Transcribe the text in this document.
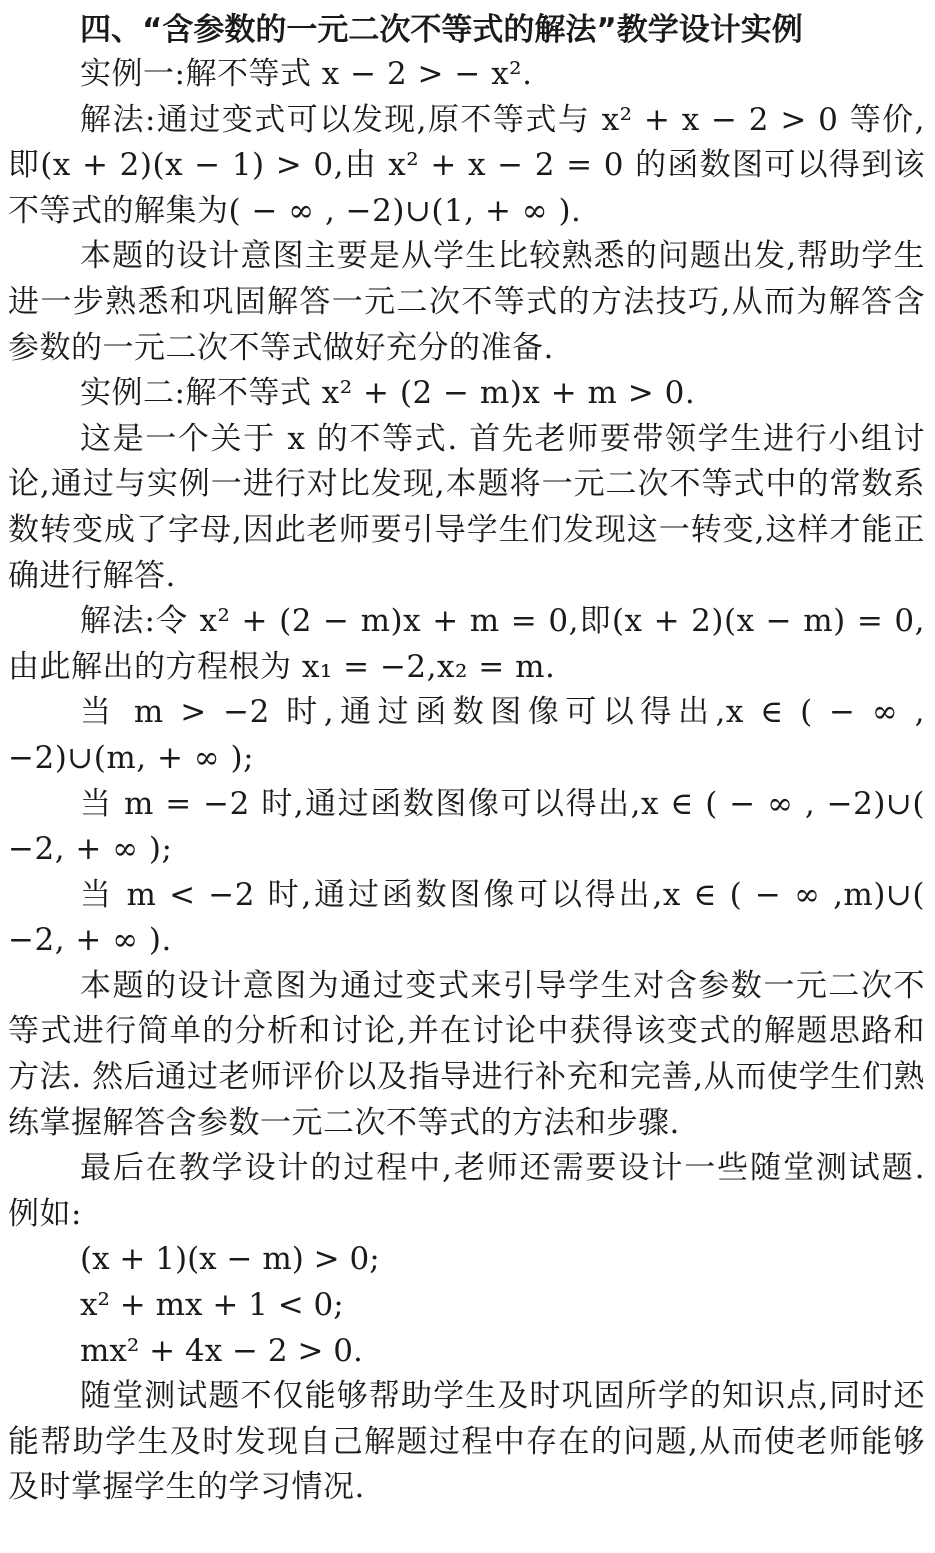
四、“含参数的一元二次不等式的解法”教学设计实例

实例一:解不等式 x − 2 > − x².

解法:通过变式可以发现,原不等式与 x² + x − 2 > 0 等价,即(x + 2)(x − 1) > 0,由 x² + x − 2 = 0 的函数图可以得到该不等式的解集为( − ∞ , −2)∪(1, + ∞ ).

本题的设计意图主要是从学生比较熟悉的问题出发,帮助学生进一步熟悉和巩固解答一元二次不等式的方法技巧,从而为解答含参数的一元二次不等式做好充分的准备.

实例二:解不等式 x² + (2 − m)x + m > 0.

这是一个关于 x 的不等式. 首先老师要带领学生进行小组讨论,通过与实例一进行对比发现,本题将一元二次不等式中的常数系数转变成了字母,因此老师要引导学生们发现这一转变,这样才能正确进行解答.

解法:令 x² + (2 − m)x + m = 0,即(x + 2)(x − m) = 0,由此解出的方程根为 x₁ = −2,x₂ = m.

当 m > −2 时,通过函数图像可以得出,x ∈ ( − ∞ , −2)∪(m, + ∞ );

当 m = −2 时,通过函数图像可以得出,x ∈ ( − ∞ , −2)∪( −2, + ∞ );

当 m < −2 时,通过函数图像可以得出,x ∈ ( − ∞ ,m)∪( −2, + ∞ ).

本题的设计意图为通过变式来引导学生对含参数一元二次不等式进行简单的分析和讨论,并在讨论中获得该变式的解题思路和方法. 然后通过老师评价以及指导进行补充和完善,从而使学生们熟练掌握解答含参数一元二次不等式的方法和步骤.

最后在教学设计的过程中,老师还需要设计一些随堂测试题. 例如:

(x + 1)(x − m) > 0;

x² + mx + 1 < 0;

mx² + 4x − 2 > 0.

随堂测试题不仅能够帮助学生及时巩固所学的知识点,同时还能帮助学生及时发现自己解题过程中存在的问题,从而使老师能够及时掌握学生的学习情况.
